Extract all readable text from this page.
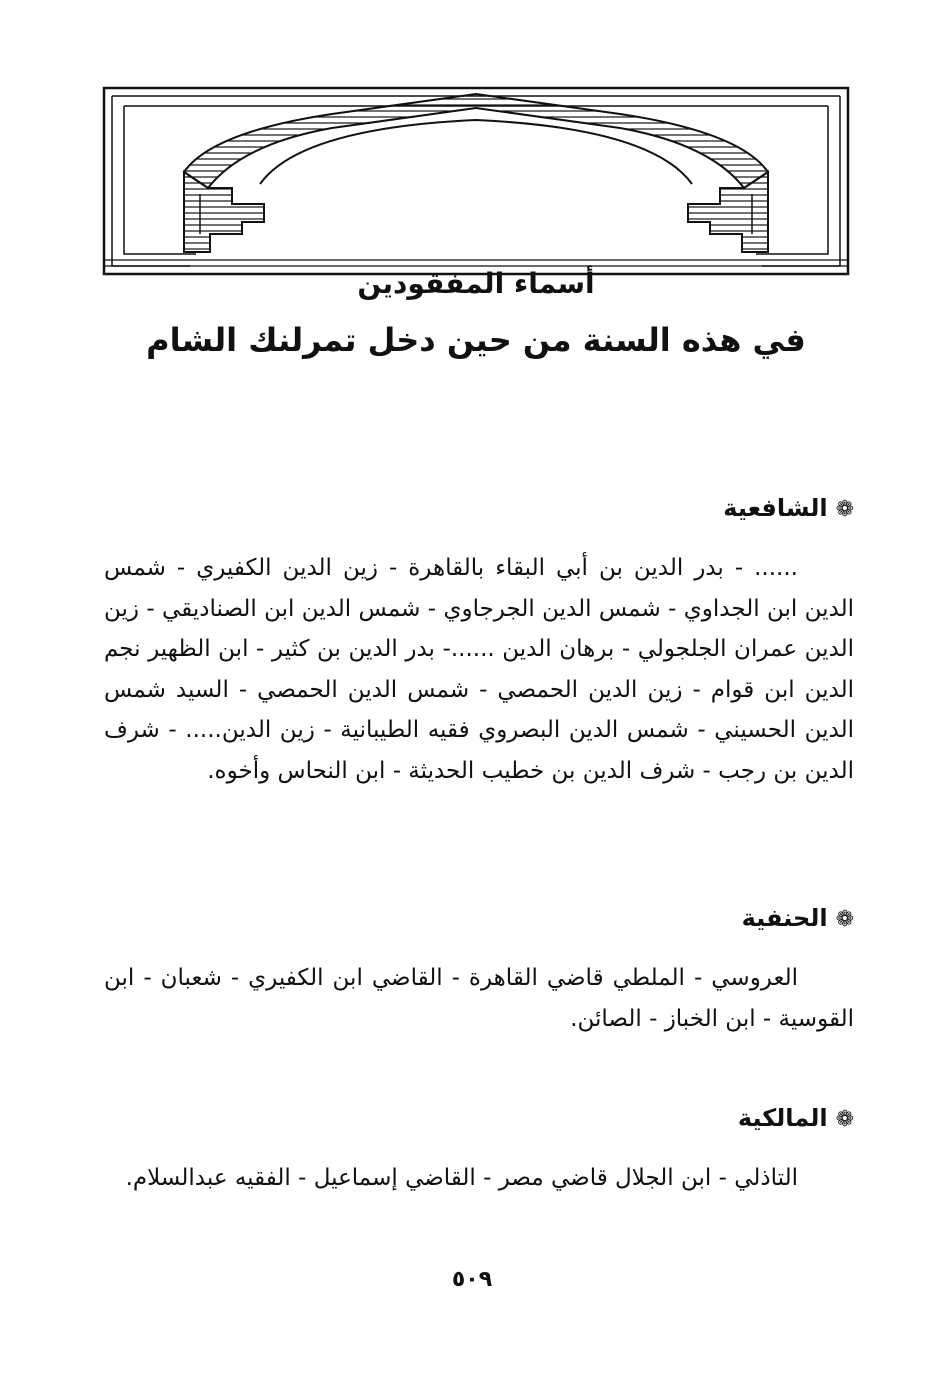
أسماء المفقودين
في هذه السنة من حين دخل تمرلنك الشام
❁الشافعية
...... - بدر الدين بن أبي البقاء بالقاهرة - زين الدين الكفيري - شمس الدين ابن الجداوي - شمس الدين الجرجاوي - شمس الدين ابن الصناديقي - زين الدين عمران الجلجولي - برهان الدين ......- بدر الدين بن كثير - ابن الظهير نجم الدين ابن قوام - زين الدين الحمصي - شمس الدين الحمصي - السيد شمس الدين الحسيني - شمس الدين البصروي فقيه الطيبانية - زين الدين..... - شرف الدين بن رجب - شرف الدين بن خطيب الحديثة - ابن النحاس وأخوه.
❁الحنفية
العروسي - الملطي قاضي القاهرة - القاضي ابن الكفيري - شعبان - ابن القوسية - ابن الخباز - الصائن.
❁المالكية
التاذلي - ابن الجلال قاضي مصر - القاضي إسماعيل - الفقيه عبدالسلام.
٥٠٩
